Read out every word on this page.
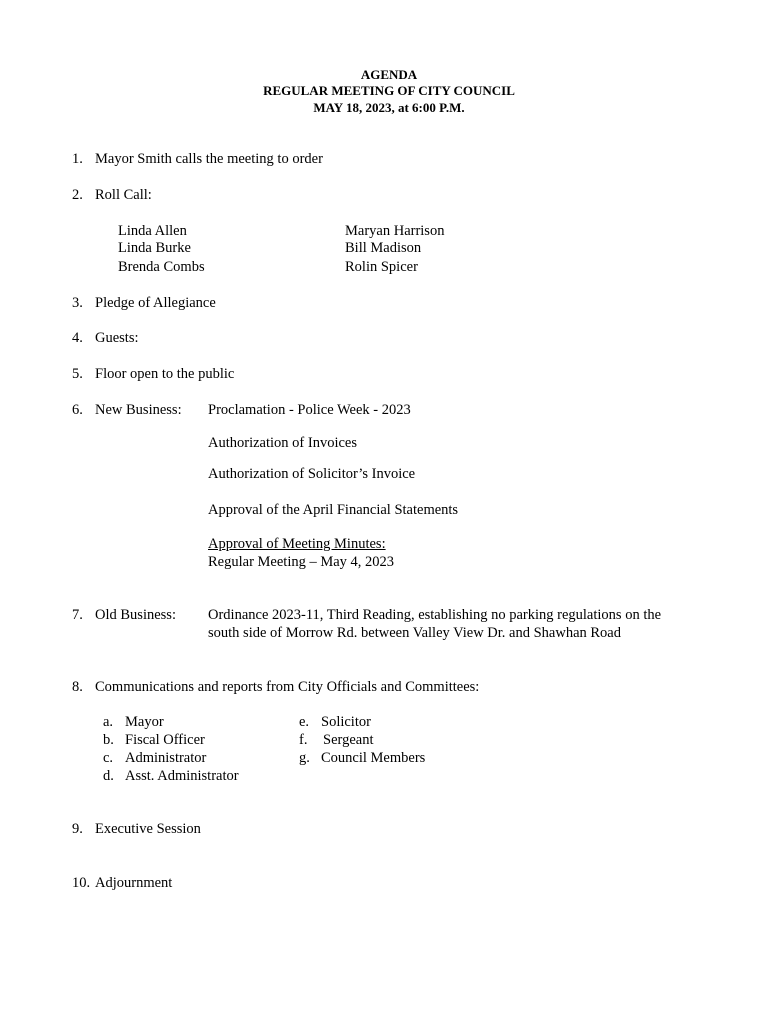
AGENDA
REGULAR MEETING OF CITY COUNCIL
MAY 18, 2023, at 6:00 P.M.
1. Mayor Smith calls the meeting to order
2. Roll Call:
Linda Allen
Linda Burke
Brenda Combs
Maryan Harrison
Bill Madison
Rolin Spicer
3. Pledge of Allegiance
4. Guests:
5. Floor open to the public
6. New Business: Proclamation - Police Week - 2023
Authorization of Invoices
Authorization of Solicitor’s Invoice
Approval of the April Financial Statements
Approval of Meeting Minutes:
Regular Meeting – May 4, 2023
7. Old Business: Ordinance 2023-11, Third Reading, establishing no parking regulations on the
south side of Morrow Rd. between Valley View Dr. and Shawhan Road
8. Communications and reports from City Officials and Committees:
a. Mayor
b. Fiscal Officer
c. Administrator
d. Asst. Administrator
e. Solicitor
f. Sergeant
g. Council Members
9. Executive Session
10. Adjournment
